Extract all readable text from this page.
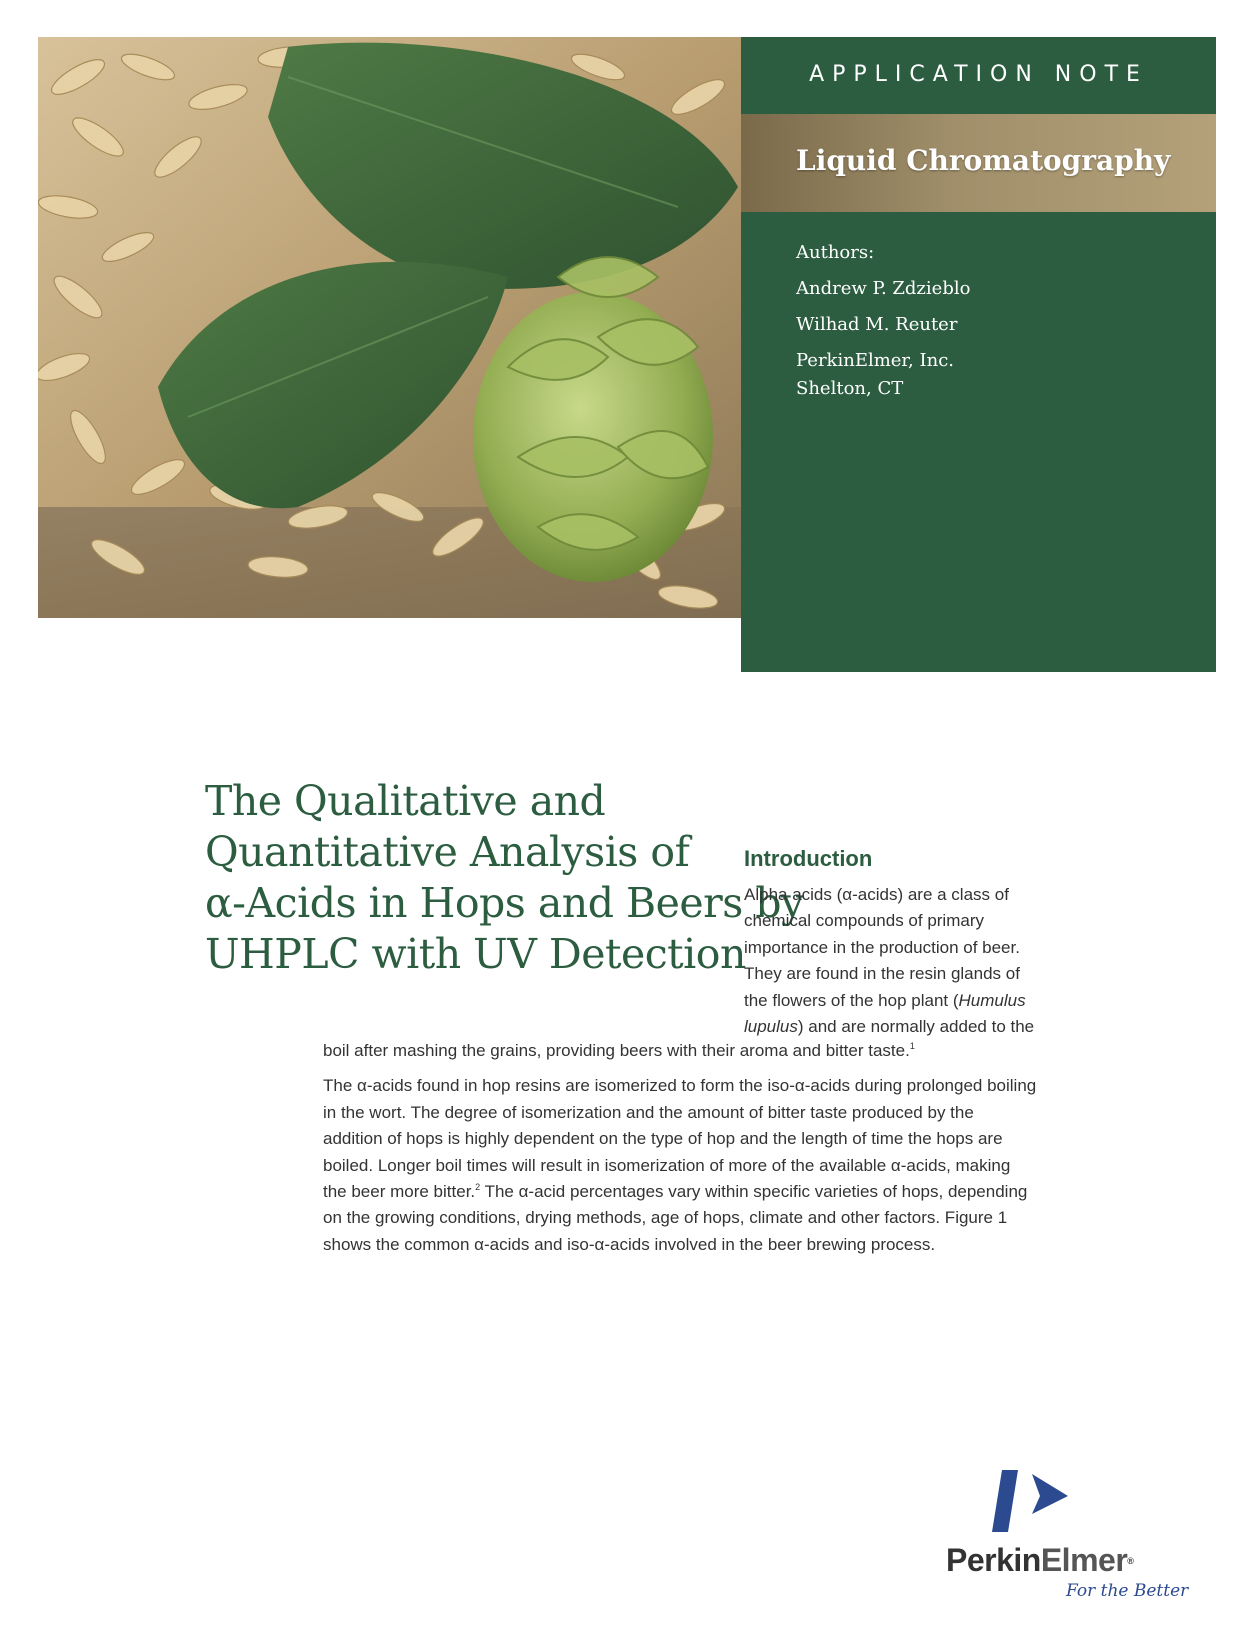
APPLICATION NOTE
Liquid Chromatography
Authors:
Andrew P. Zdzieblo
Wilhad M. Reuter
PerkinElmer, Inc.
Shelton, CT
The Qualitative and
Quantitative Analysis of
α-Acids in Hops and Beers by
UHPLC with UV Detection
Introduction
Alpha acids (α-acids) are a class of
chemical compounds of primary
importance in the production of beer.
They are found in the resin glands of
the flowers of the hop plant (Humulus
lupulus) and are normally added to the
boil after mashing the grains, providing beers with their aroma and bitter taste.$^1$
The α-acids found in hop resins are isomerized to form the iso-α-acids during prolonged boiling
in the wort. The degree of isomerization and the amount of bitter taste produced by the
addition of hops is highly dependent on the type of hop and the length of time the hops are
boiled. Longer boil times will result in isomerization of more of the available α-acids, making
the beer more bitter.$^2$ The α-acid percentages vary within specific varieties of hops, depending
on the growing conditions, drying methods, age of hops, climate and other factors. Figure 1
shows the common α-acids and iso-α-acids involved in the beer brewing process.
PerkinElmer®
For the Better
